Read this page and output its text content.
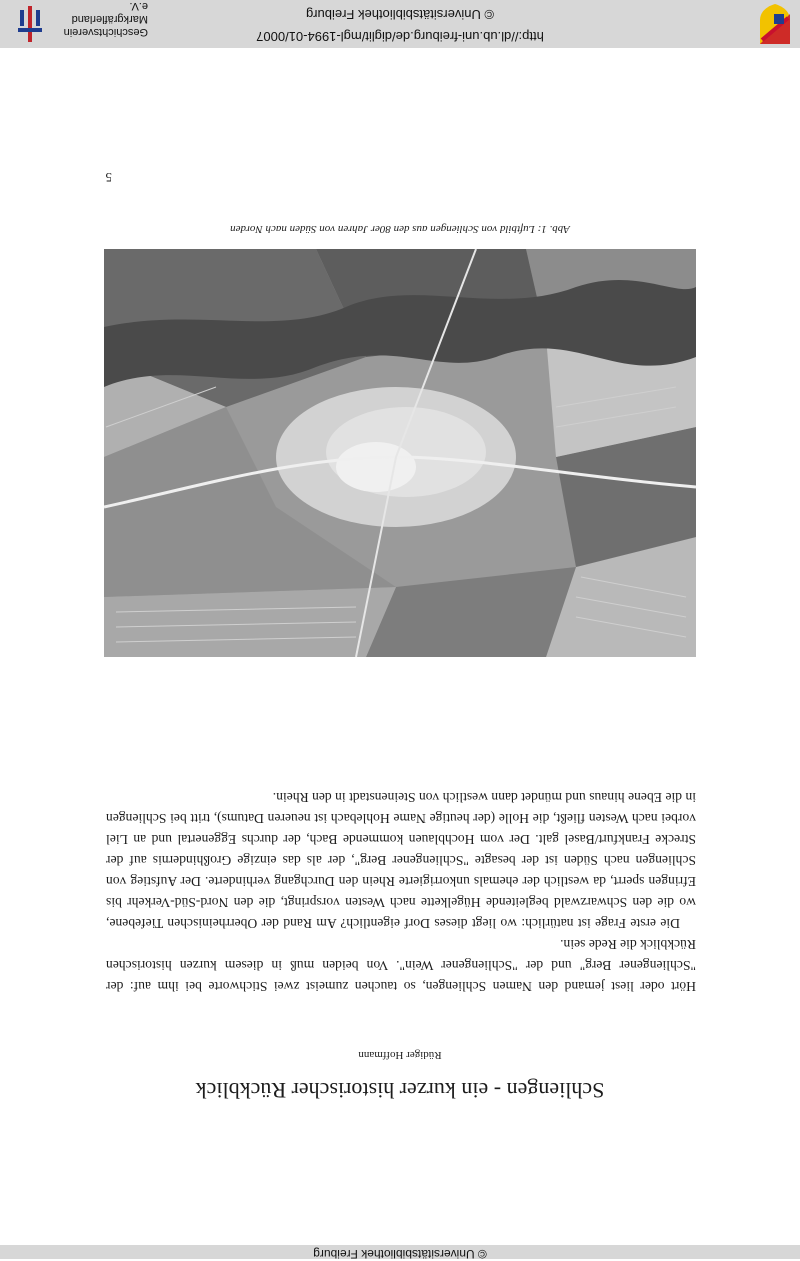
© Universitätsbibliothek Freiburg
Schliengen - ein kurzer historischer Rückblick
Rüdiger Hoffmann

Hört oder liest jemand den Namen Schliengen, so tauchen zumeist zwei Stichworte bei ihm auf: der "Schliengener Berg" und der "Schliengener Wein". Von beiden muß in diesem kurzen historischen Rückblick die Rede sein.

Die erste Frage ist natürlich: wo liegt dieses Dorf eigentlich? Am Rand der Oberrheinischen Tiefebene, wo die den Schwarzwald begleitende Hügelkette nach Westen vorspringt, die den Nord-Süd-Verkehr bis Efringen sperrt, da westlich der ehemals unkorrigierte Rhein den Durchgang verhinderte. Der Aufstieg von Schliengen nach Süden ist der besagte "Schliengener Berg", der als das einzige Großhindernis auf der Strecke Frankfurt/Basel galt. Der vom Hochblauen kommende Bach, der durchs Eggenertal und an Liel vorbei nach Westen fließt, die Holle (der heutige Name Hohlebach ist neueren Datums), tritt bei Schliengen in die Ebene hinaus und mündet dann westlich von Steinenstadt in den Rhein.

Abb. 1: Luftbild von Schliengen aus den 80er Jahren von Süden nach Norden
5
http://dl.ub.uni-freiburg.de/diglit/mgl-1994-01/0007
© Universitätsbibliothek Freiburg
Geschichtsverein
Markgräflerland e.V.
